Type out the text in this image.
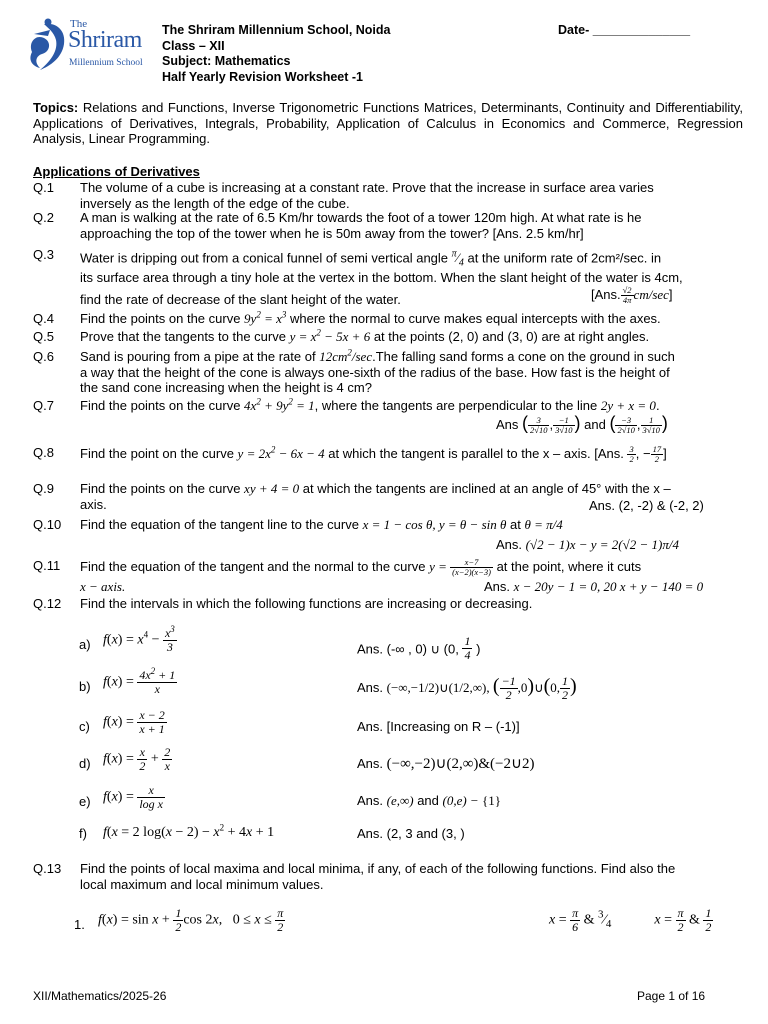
The
Shriram
Millennium School
The Shriram Millennium School, Noida
Class – XII
Subject: Mathematics
Half Yearly Revision Worksheet -1
Date- ______________
Topics: Relations and Functions, Inverse Trigonometric Functions Matrices, Determinants, Continuity and Differentiability, Applications of Derivatives, Integrals, Probability, Application of Calculus in Economics and Commerce, Regression Analysis, Linear Programming.
Applications of Derivatives
Q.1	The volume of a cube is increasing at a constant rate. Prove that the increase in surface area varies
inversely as the length of the edge of the cube.
Q.2	A man is walking at the rate of 6.5 Km/hr towards the foot of a tower 120m high. At what rate is he
approaching the top of the tower when he is 50m away from the tower? [Ans. 2.5 km/hr]
Q.3	Water is dripping out from a conical funnel of semi vertical angle $^\pi⁄_4$ at the uniform rate of 2cm²/sec. in
its surface area through a tiny hole at the vertex in the bottom. When the slant height of the water is 4cm,
find the rate of decrease of the slant height of the water.	[Ans. $\frac{√2}{4\pi} cm/\sec$]
Q.4	Find the points on the curve $9y^2 = x^3$ where the normal to curve makes equal intercepts with the axes.
Q.5	Prove that the tangents to the curve $y = x^2 - 5x + 6$ at the points (2, 0) and (3, 0) are at right angles.
Q.6	Sand is pouring from a pipe at the rate of $12cm^2/\sec.The$ falling sand forms a cone on the ground in such
a way that the height of the cone is always one-sixth of the radius of the base. How fast is the height of
the sand cone increasing when the height is 4 cm?
Q.7	Find the points on the curve $4x^2 + 9y^2 = 1$, where the tangents are perpendicular to the line 2y + x = 0.
Ans ( $\frac{3}{2√10}$ , $\frac{-1}{3√10}$ ) and ( $\frac{-3}{2√10}$ , $\frac{1}{3√10}$ )
Q.8	Find the point on the curve $y = 2x^2 - 6x - 4$ at which the tangent is parallel to the x – axis. [Ans. $\frac{3}{2}$ , − $\frac{17}{2}$ ]
Q.9	Find the points on the curve xy + 4 = 0 at which the tangents are inclined at an angle of 45° with the x –
axis.	Ans. (2, -2) & (-2, 2)
Q.10	Find the equation of the tangent line to the curve x = 1 − cos θ, y = θ − sin θ at θ = π/4
Ans. (√2 − 1)x − y = 2(√2 − 1)π/4
Q.11	Find the equation of the tangent and the normal to the curve $y = \frac{x-7}{(x-2)(x-3)}$ at the point, where it cuts
x − axis.	Ans. x − 20y − 1 = 0, 20 x + y − 140 = 0
Q.12	Find the intervals in which the following functions are increasing or decreasing.
a) $f(x) = x^4 - \frac{x^3}{3}$	Ans. (-∞ , 0) ∪ (0, $\frac{1}{4}$ )
b) $f(x) = \frac{4x^2 + 1}{x}$	Ans. (−∞,−1/2)∪(1/2,∞), ( $\frac{-1}{2}$ ,0)∪(0, $\frac{1}{2}$ )
c) $f(x) = \frac{x - 2}{x + 1}$	Ans. [Increasing on R – (-1)]
d) $f(x) = \frac{x}{2} + \frac{2}{x}$	Ans. (−∞,−2)∪(2,∞)&(−2∪2)
e) $f(x) = \frac{x}{\text{log x}}$	Ans. (e,∞) and (0,e) − {1}
f) f(x = 2 $\log(x - 2) - x^2 + 4x + 1$	Ans. (2, 3 and (3, )
Q.13	Find the points of local maxima and local minima, if any, of each of the following functions. Find also the
local maximum and local minimum values.
1. $f(x) = \sin x + \frac{1}{2}$ cos 2x,   $0 \le x \le \frac{\pi}{2}$	$x = \frac{\pi}{6}$ & $^3⁄_4$	$x = \frac{\pi}{2}$ & $\frac{1}{2}$
XII/Mathematics/2025-26	Page 1 of 16
